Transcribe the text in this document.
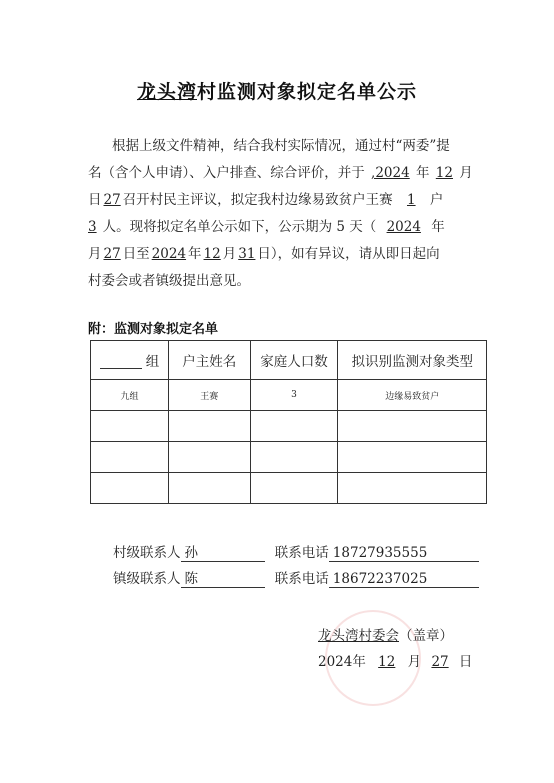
龙头湾村监测对象拟定名单公示
根据上级文件精神，结合我村实际情况，通过村“两委”提
名（含个人申请）、入户排查、综合评价，并于 ,2024 年 12 月
日 27 召开村民主评议，拟定我村边缘易致贫户王赛 1 户
3 人。现将拟定名单公示如下，公示期为 5 天（ 2024 年
月 27 日至 2024 年 12 月 31 日），如有异议，请从即日起向
村委会或者镇级提出意见。
附：监测对象拟定名单
组	户主姓名	家庭人口数	拟识别监测对象类型
九组	王赛	3	边缘易致贫户

村级联系人 孙	联系电话 18727935555
镇级联系人 陈	联系电话 18672237025
龙头湾村委会（盖章）
2024年 12 月 27 日
